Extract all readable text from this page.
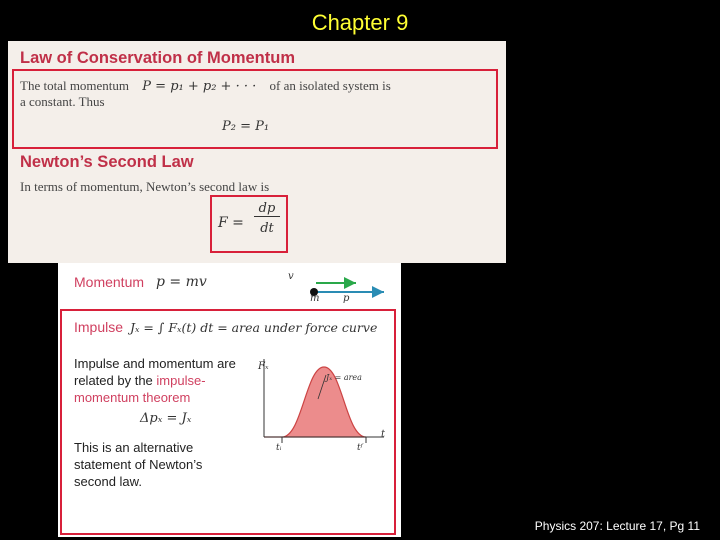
Chapter 9
Law of Conservation of Momentum
The total momentum P = p₁ + p₂ + · · · of an isolated system is
a constant. Thus
P₂ = P₁
Newton’s Second Law
In terms of momentum, Newton’s second law is
F =
dp
dt
Momentum p = mv	v
m p
Impulse Jₓ = ∫ Fₓ(t) dt = area under force curve
Impulse and momentum are
related by the impulse-
momentum theorem
Δpₓ = Jₓ
This is an alternative
statement of Newton’s
second law.
Fₓ
t
tᵢ	tᶠ
Jₓ = area
Physics 207: Lecture 17, Pg 11
